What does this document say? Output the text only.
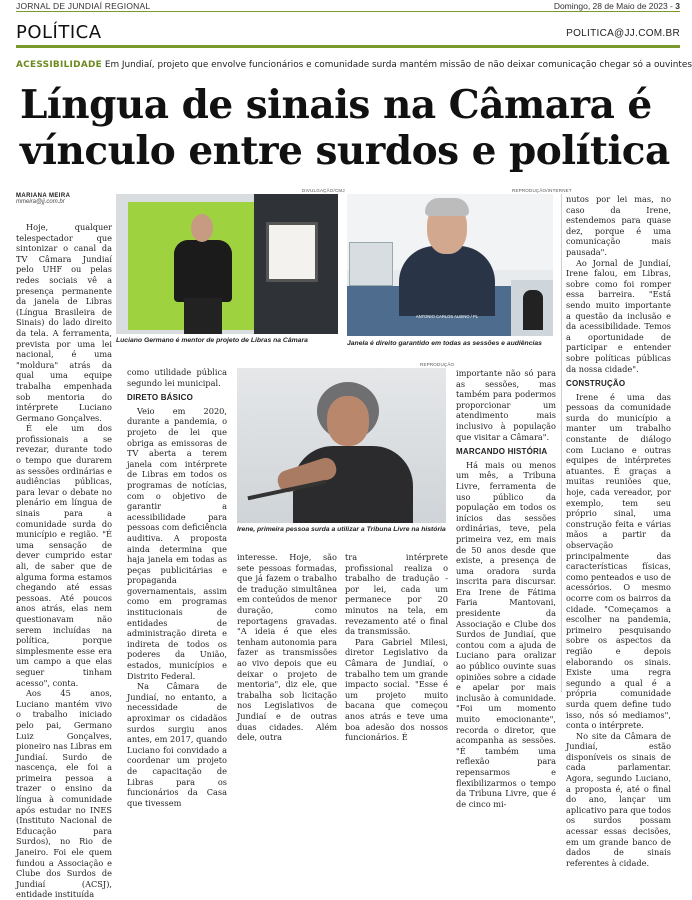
JORNAL DE JUNDIAÍ REGIONAL	Domingo, 28 de Maio de 2023 - 3
POLÍTICA	POLITICA@JJ.COM.BR
ACESSIBILIDADE Em Jundiaí, projeto que envolve funcionários e comunidade surda mantém missão de não deixar comunicação chegar só a ouvintes
Língua de sinais na Câmara é vínculo entre surdos e política
MARIANA MEIRA
mmeira@jj.com.br

Hoje, qualquer telespectador que sintonizar o canal da TV Câmara Jundiaí pelo UHF ou pelas redes sociais vê a presença permanente da janela de Libras (Língua Brasileira de Sinais) do lado direito da tela. A ferramenta, prevista por uma lei nacional, é uma "moldura" atrás da qual uma equipe trabalha empenhada sob mentoria do intérprete Luciano Germano Gonçalves.

É ele um dos profissionais a se revezar, durante todo o tempo que durarem as sessões ordinárias e audiências públicas, para levar o debate no plenário em língua de sinais para a comunidade surda do município e região. "É uma sensação de dever cumprido estar ali, de saber que de alguma forma estamos chegando até essas pessoas. Até poucos anos atrás, elas nem questionavam não serem incluídas na política, porque simplesmente esse era um campo a que elas seguer tinham acesso", conta.

Aos 45 anos, Luciano mantém vivo o trabalho iniciado pelo pai, Germano Luiz Gonçalves, pioneiro nas Libras em Jundiaí. Surdo de nascença, ele foi a primeira pessoa a trazer o ensino da língua à comunidade após estudar no INES (Instituto Nacional de Educação para Surdos), no Rio de Janeiro. Foi ele quem fundou a Associação e Clube dos Surdos de Jundiaí (ACSJ), entidade instituída

DIVULGAÇÃO/CMJ
Luciano Germano é mentor de projeto de Libras na Câmara
REPRODUÇÃO/INTERNET
ANTONIO CARLOS ALBINO / PL
Janela é direito garantido em todas as sessões e audiências

como utilidade pública segundo lei municipal.

DIRETO BÁSICO

Veio em 2020, durante a pandemia, o projeto de lei que obriga as emissoras de TV aberta a terem janela com intérprete de Libras em todos os programas de notícias, com o objetivo de garantir a acessibilidade para pessoas com deficiência auditiva. A proposta ainda determina que haja janela em todas as peças publicitárias e propaganda governamentais, assim como em programas institucionais de entidades de administração direta e indireta de todos os poderes da União, estados, municípios e Distrito Federal.

Na Câmara de Jundiaí, no entanto, a necessidade de aproximar os cidadãos surdos surgiu anos antes, em 2017, quando Luciano foi convidado a coordenar um projeto de capacitação de Libras para os funcionários da Casa que tivessem

REPRODUÇÃO
Irene, primeira pessoa surda a utilizar a Tribuna Livre na história

interesse. Hoje, são sete pessoas formadas, que já fazem o trabalho de tradução simultânea em conteúdos de menor duração, como reportagens gravadas. "A ideia é que eles tenham autonomia para fazer as transmissões ao vivo depois que eu deixar o projeto de mentoria", diz ele, que trabalha sob licitação nos Legislativos de Jundiaí e de outras duas cidades. Além dele, outra

tra intérprete profissional realiza o trabalho de tradução - por lei, cada um permanece por 20 minutos na tela, em revezamento até o final da transmissão.

Para Gabriel Milesi, diretor Legislativo da Câmara de Jundiaí, o trabalho tem um grande impacto social. "Esse é um projeto muito bacana que começou anos atrás e teve uma boa adesão dos nossos funcionários. É

importante não só para as sessões, mas também para podermos proporcionar um atendimento mais inclusivo à população que visitar a Câmara".

MARCANDO HISTÓRIA

Há mais ou menos um mês, a Tribuna Livre, ferramenta de uso público da população em todos os inícios das sessões ordinárias, teve, pela primeira vez, em mais de 50 anos desde que existe, a presença de uma oradora surda inscrita para discursar. Era Irene de Fátima Faria Mantovani, presidente da Associação e Clube dos Surdos de Jundiaí, que contou com a ajuda de Luciano para oralizar ao público ouvinte suas opiniões sobre a cidade e apelar por mais inclusão à comunidade. "Foi um momento muito emocionante", recorda o diretor, que acompanha as sessões. "É também uma reflexão para repensarmos e flexibilizarmos o tempo da Tribuna Livre, que é de cinco mi-

nutos por lei mas, no caso da Irene, estendemos para quase dez, porque é uma comunicação mais pausada".

Ao Jornal de Jundiaí, Irene falou, em Libras, sobre como foi romper essa barreira. "Está sendo muito importante a questão da inclusão e da acessibilidade. Temos a oportunidade de participar e entender sobre políticas públicas da nossa cidade".

CONSTRUÇÃO

Irene é uma das pessoas da comunidade surda do município a manter um trabalho constante de diálogo com Luciano e outras equipes de intérpretes atuantes. É graças a muitas reuniões que, hoje, cada vereador, por exemplo, tem seu próprio sinal, uma construção feita e várias mãos a partir da observação principalmente das características físicas, como penteados e uso de acessórios. O mesmo ocorre com os bairros da cidade. "Começamos a escolher na pandemia, primeiro pesquisando sobre os aspectos da região e depois elaborando os sinais. Existe uma regra segundo a qual é a própria comunidade surda quem define tudo isso, nós só mediamos", conta o intérprete.

No site da Câmara de Jundiaí, estão disponíveis os sinais de cada parlamentar. Agora, segundo Luciano, a proposta é, até o final do ano, lançar um aplicativo para que todos os surdos possam acessar essas decisões, em um grande banco de dados de sinais referentes à cidade.
